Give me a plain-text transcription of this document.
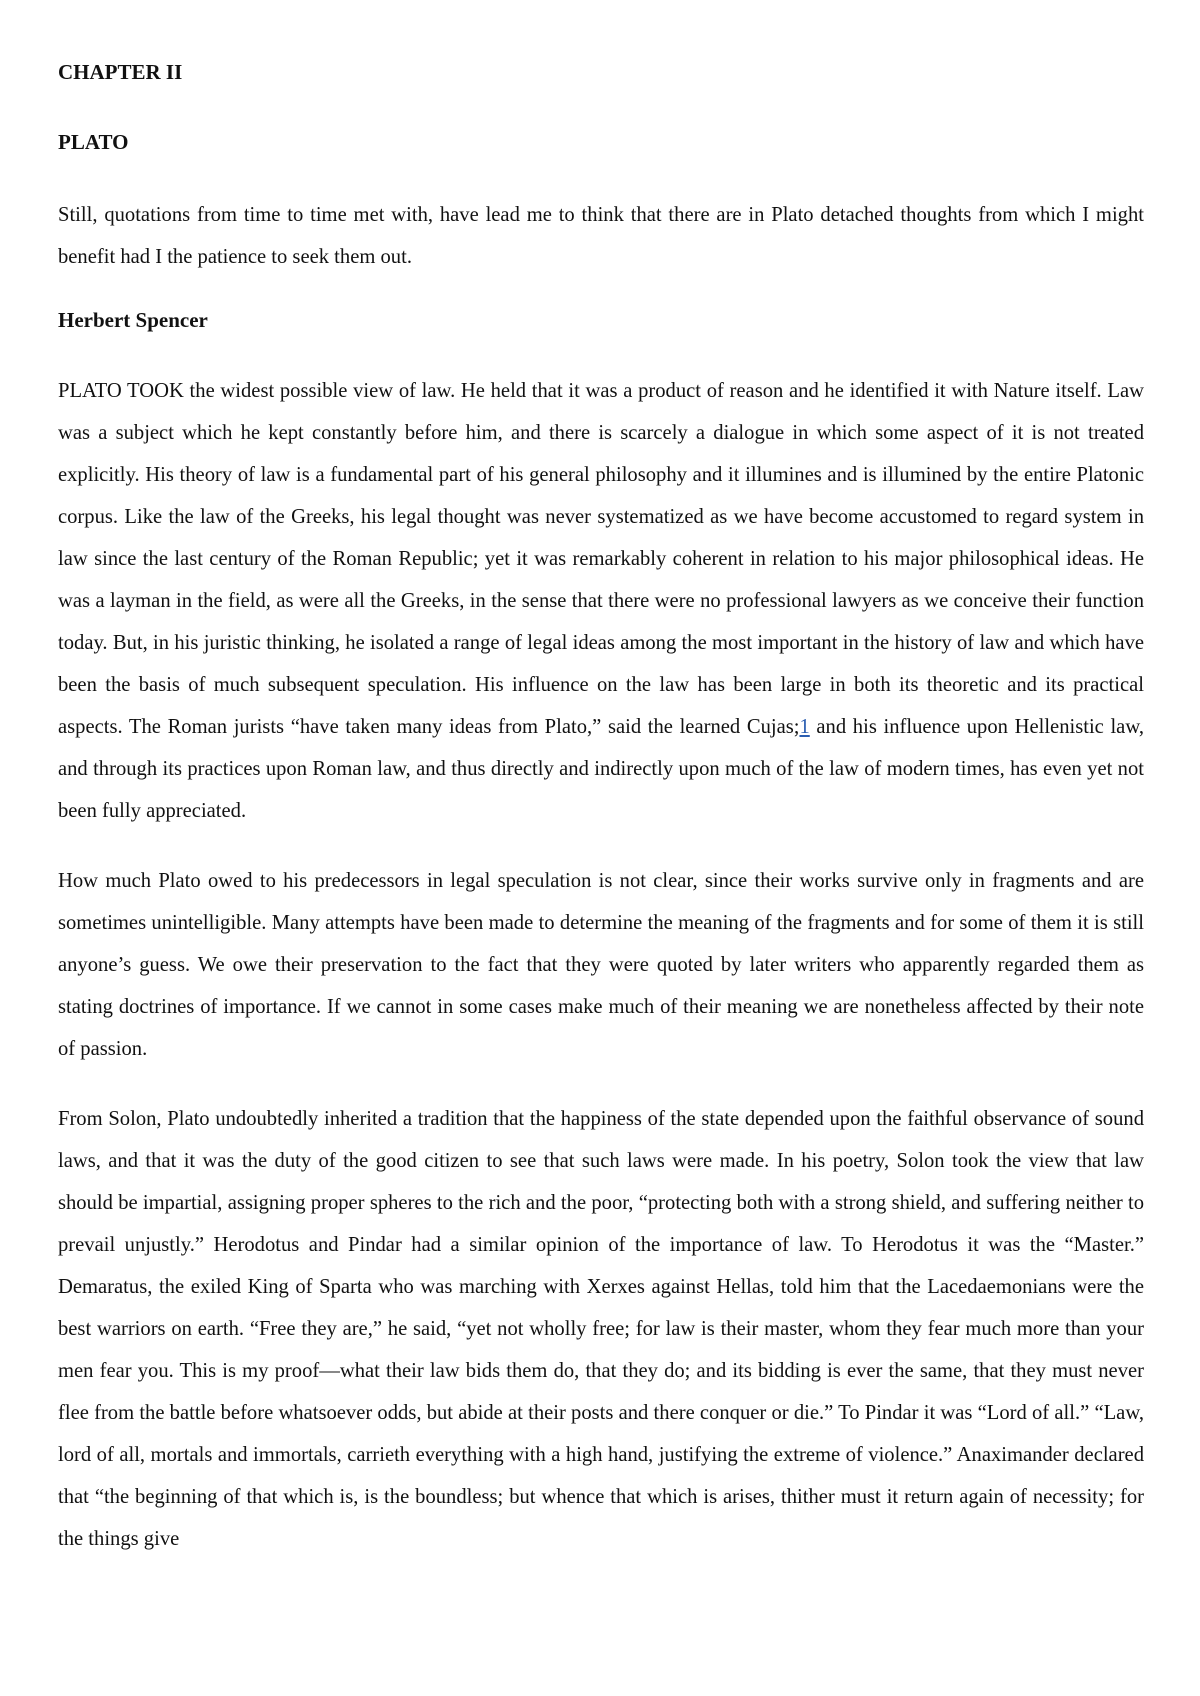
CHAPTER II
PLATO

Still, quotations from time to time met with, have lead me to think that there are in Plato detached thoughts from which I might benefit had I the patience to seek them out.

Herbert Spencer

PLATO TOOK the widest possible view of law. He held that it was a product of reason and he identified it with Nature itself. Law was a subject which he kept constantly before him, and there is scarcely a dialogue in which some aspect of it is not treated explicitly. His theory of law is a fundamental part of his general philosophy and it illumines and is illumined by the entire Platonic corpus. Like the law of the Greeks, his legal thought was never systematized as we have become accustomed to regard system in law since the last century of the Roman Republic; yet it was remarkably coherent in relation to his major philosophical ideas. He was a layman in the field, as were all the Greeks, in the sense that there were no professional lawyers as we conceive their function today. But, in his juristic thinking, he isolated a range of legal ideas among the most important in the history of law and which have been the basis of much subsequent speculation. His influence on the law has been large in both its theoretic and its practical aspects. The Roman jurists “have taken many ideas from Plato,” said the learned Cujas;1 and his influence upon Hellenistic law, and through its practices upon Roman law, and thus directly and indirectly upon much of the law of modern times, has even yet not been fully appreciated.

How much Plato owed to his predecessors in legal speculation is not clear, since their works survive only in fragments and are sometimes unintelligible. Many attempts have been made to determine the meaning of the fragments and for some of them it is still anyone’s guess. We owe their preservation to the fact that they were quoted by later writers who apparently regarded them as stating doctrines of importance. If we cannot in some cases make much of their meaning we are nonetheless affected by their note of passion.

From Solon, Plato undoubtedly inherited a tradition that the happiness of the state depended upon the faithful observance of sound laws, and that it was the duty of the good citizen to see that such laws were made. In his poetry, Solon took the view that law should be impartial, assigning proper spheres to the rich and the poor, “protecting both with a strong shield, and suffering neither to prevail unjustly.” Herodotus and Pindar had a similar opinion of the importance of law. To Herodotus it was the “Master.” Demaratus, the exiled King of Sparta who was marching with Xerxes against Hellas, told him that the Lacedaemonians were the best warriors on earth. “Free they are,” he said, “yet not wholly free; for law is their master, whom they fear much more than your men fear you. This is my proof—what their law bids them do, that they do; and its bidding is ever the same, that they must never flee from the battle before whatsoever odds, but abide at their posts and there conquer or die.” To Pindar it was “Lord of all.” “Law, lord of all, mortals and immortals, carrieth everything with a high hand, justifying the extreme of violence.” Anaximander declared that “the beginning of that which is, is the boundless; but whence that which is arises, thither must it return again of necessity; for the things give
